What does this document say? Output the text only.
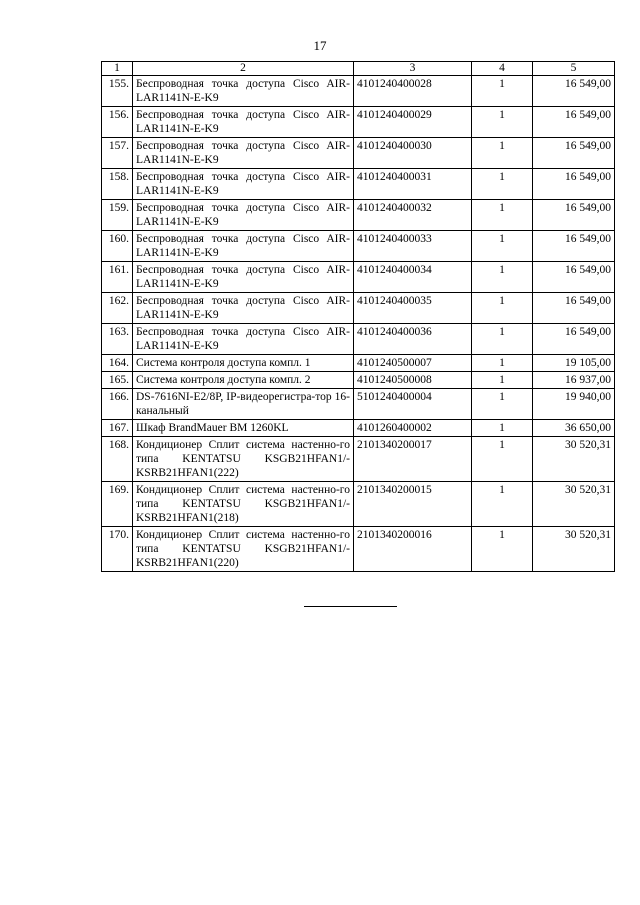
17
1	2	3	4	5
155.	Беспроводная точка доступа Cisco AIR-LAR1141N-E-K9	4101240400028	1	16 549,00
156.	Беспроводная точка доступа Cisco AIR-LAR1141N-E-K9	4101240400029	1	16 549,00
157.	Беспроводная точка доступа Cisco AIR-LAR1141N-E-K9	4101240400030	1	16 549,00
158.	Беспроводная точка доступа Cisco AIR-LAR1141N-E-K9	4101240400031	1	16 549,00
159.	Беспроводная точка доступа Cisco AIR-LAR1141N-E-K9	4101240400032	1	16 549,00
160.	Беспроводная точка доступа Cisco AIR-LAR1141N-E-K9	4101240400033	1	16 549,00
161.	Беспроводная точка доступа Cisco AIR-LAR1141N-E-K9	4101240400034	1	16 549,00
162.	Беспроводная точка доступа Cisco AIR-LAR1141N-E-K9	4101240400035	1	16 549,00
163.	Беспроводная точка доступа Cisco AIR-LAR1141N-E-K9	4101240400036	1	16 549,00
164.	Система контроля доступа компл. 1	4101240500007	1	19 105,00
165.	Система контроля доступа компл. 2	4101240500008	1	16 937,00
166.	DS-7616NI-E2/8P, IP-видеорегистра-тор 16-канальный	5101240400004	1	19 940,00
167.	Шкаф BrandMauer BM 1260KL	4101260400002	1	36 650,00
168.	Кондиционер Сплит система настенно-го типа KENTATSU KSGB21HFAN1/-KSRB21HFAN1(222)	2101340200017	1	30 520,31
169.	Кондиционер Сплит система настенно-го типа KENTATSU KSGB21HFAN1/-KSRB21HFAN1(218)	2101340200015	1	30 520,31
170.	Кондиционер Сплит система настенно-го типа KENTATSU KSGB21HFAN1/-KSRB21HFAN1(220)	2101340200016	1	30 520,31
